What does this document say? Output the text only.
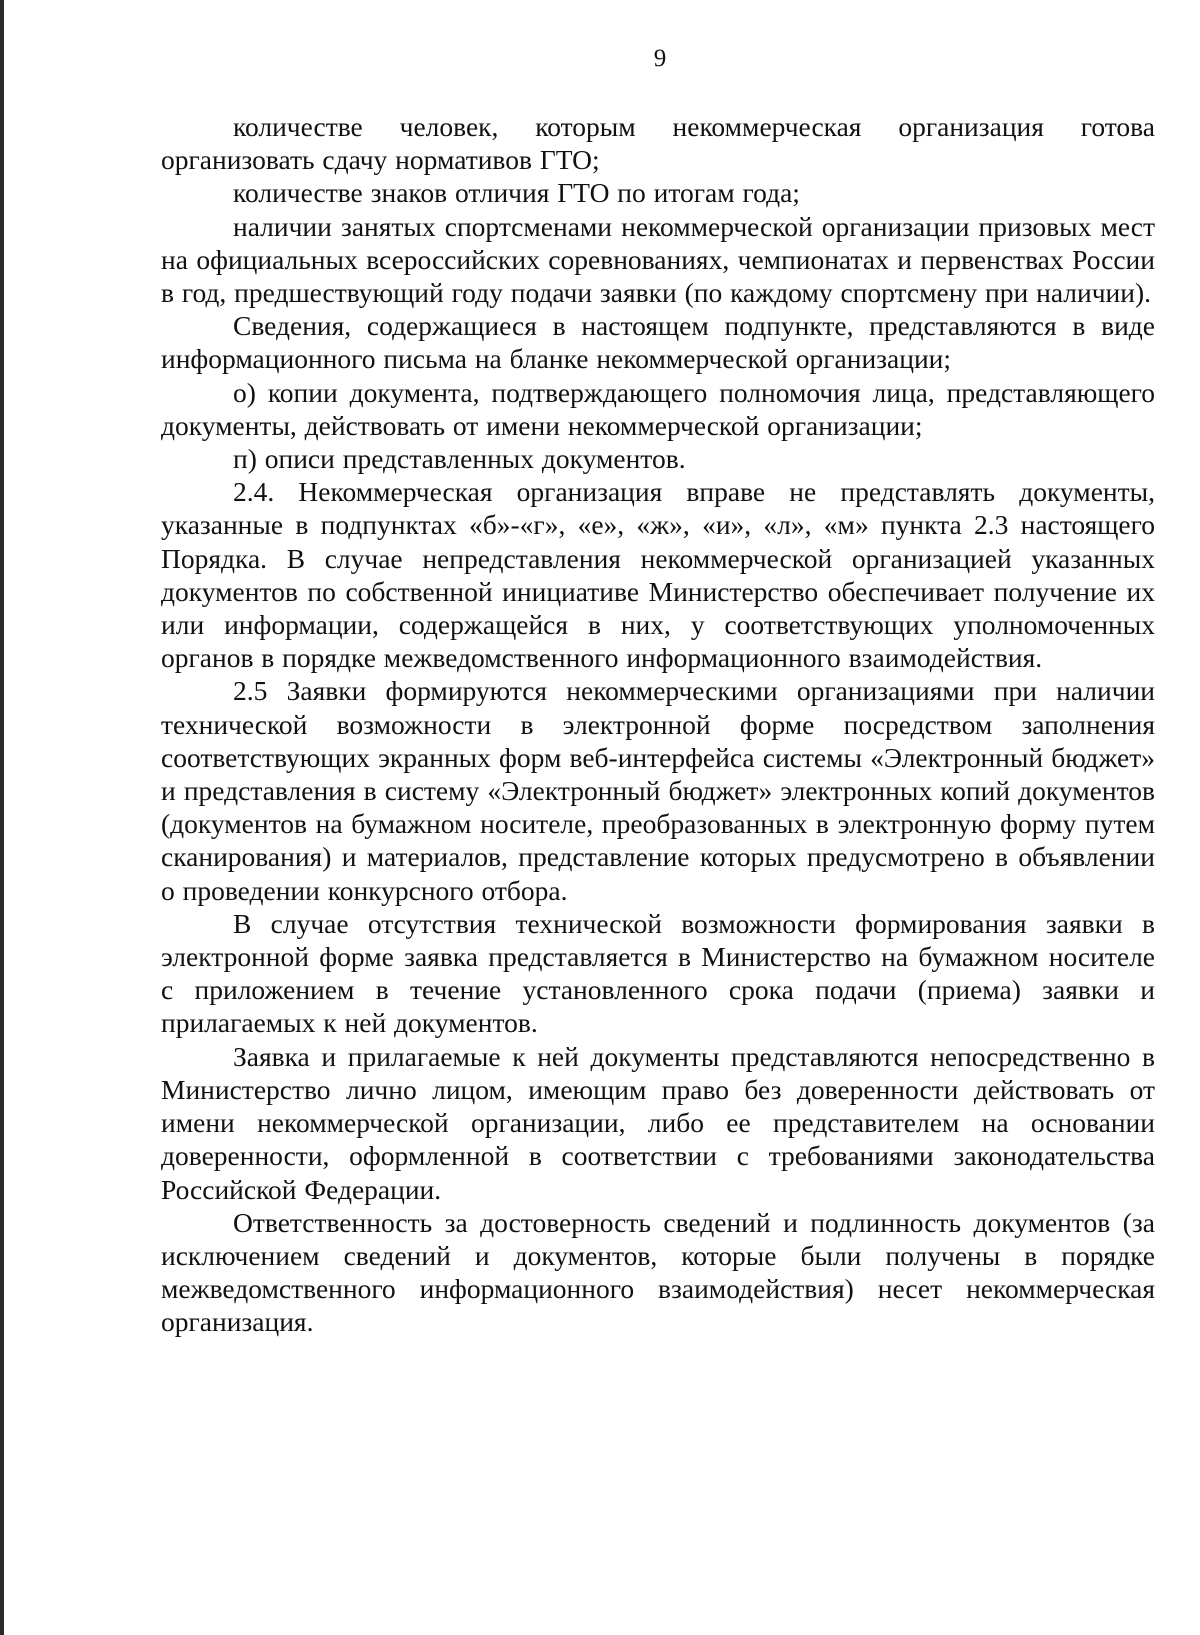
9

количестве человек, которым некоммерческая организация готова организовать сдачу нормативов ГТО;

количестве знаков отличия ГТО по итогам года;

наличии занятых спортсменами некоммерческой организации призовых мест на официальных всероссийских соревнованиях, чемпионатах и первенствах России в год, предшествующий году подачи заявки (по каждому спортсмену при наличии).

Сведения, содержащиеся в настоящем подпункте, представляются в виде информационного письма на бланке некоммерческой организации;

о) копии документа, подтверждающего полномочия лица, представляющего документы, действовать от имени некоммерческой организации;

п) описи представленных документов.

2.4. Некоммерческая организация вправе не представлять документы, указанные в подпунктах «б»-«г», «е», «ж», «и», «л», «м» пункта 2.3 настоящего Порядка. В случае непредставления некоммерческой организацией указанных документов по собственной инициативе Министерство обеспечивает получение их или информации, содержащейся в них, у соответствующих уполномоченных органов в порядке межведомственного информационного взаимодействия.

2.5 Заявки формируются некоммерческими организациями при наличии технической возможности в электронной форме посредством заполнения соответствующих экранных форм веб-интерфейса системы «Электронный бюджет» и представления в систему «Электронный бюджет» электронных копий документов (документов на бумажном носителе, преобразованных в электронную форму путем сканирования) и материалов, представление которых предусмотрено в объявлении о проведении конкурсного отбора.

В случае отсутствия технической возможности формирования заявки в электронной форме заявка представляется в Министерство на бумажном носителе с приложением в течение установленного срока подачи (приема) заявки и прилагаемых к ней документов.

Заявка и прилагаемые к ней документы представляются непосредственно в Министерство лично лицом, имеющим право без доверенности действовать от имени некоммерческой организации, либо ее представителем на основании доверенности, оформленной в соответствии с требованиями законодательства Российской Федерации.

Ответственность за достоверность сведений и подлинность документов (за исключением сведений и документов, которые были получены в порядке межведомственного информационного взаимодействия) несет некоммерческая организация.
